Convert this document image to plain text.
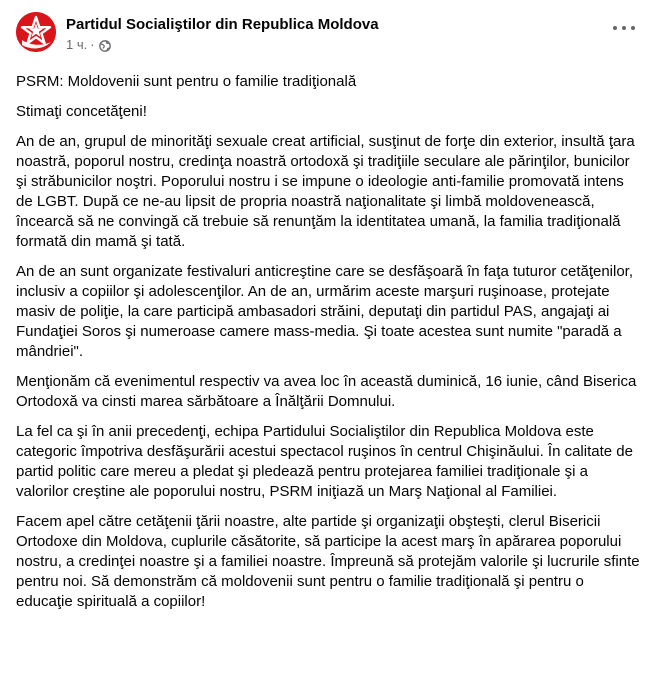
Partidul Socialiştilor din Republica Moldova
1 ч. ·

PSRM: Moldovenii sunt pentru o familie tradiţională

Stimaţi concetăţeni!

An de an, grupul de minorităţi sexuale creat artificial, susţinut de forţe din exterior, insultă ţara noastră, poporul nostru, credinţa noastră ortodoxă şi tradiţiile seculare ale părinţilor, bunicilor şi străbunicilor noştri. Poporului nostru i se impune o ideologie anti-familie promovată intens de LGBT. După ce ne-au lipsit de propria noastră naţionalitate şi limbă moldovenească, încearcă să ne convingă că trebuie să renunţăm la identitatea umană, la familia tradiţională formată din mamă şi tată.

An de an sunt organizate festivaluri anticreştine care se desfăşoară în faţa tuturor cetăţenilor, inclusiv a copiilor şi adolescenţilor. An de an, urmărim aceste marşuri ruşinoase, protejate masiv de poliţie, la care participă ambasadori străini, deputaţi din partidul PAS, angajaţi ai Fundaţiei Soros şi numeroase camere mass-media. Şi toate acestea sunt numite "paradă a mândriei".

Menţionăm că evenimentul respectiv va avea loc în această duminică, 16 iunie, când Biserica Ortodoxă va cinsti marea sărbătoare a Înălţării Domnului.

La fel ca şi în anii precedenţi, echipa Partidului Socialiştilor din Republica Moldova este categoric împotriva desfăşurării acestui spectacol ruşinos în centrul Chişinăului. În calitate de partid politic care mereu a pledat şi pledează pentru protejarea familiei tradiţionale şi a valorilor creştine ale poporului nostru, PSRM iniţiază un Marş Naţional al Familiei.

Facem apel către cetăţenii ţării noastre, alte partide şi organizaţii obşteşti, clerul Bisericii Ortodoxe din Moldova, cuplurile căsătorite, să participe la acest marş în apărarea poporului nostru, a credinţei noastre şi a familiei noastre. Împreună să protejăm valorile şi lucrurile sfinte pentru noi. Să demonstrăm că moldovenii sunt pentru o familie tradiţională şi pentru o educaţie spirituală a copiilor!
